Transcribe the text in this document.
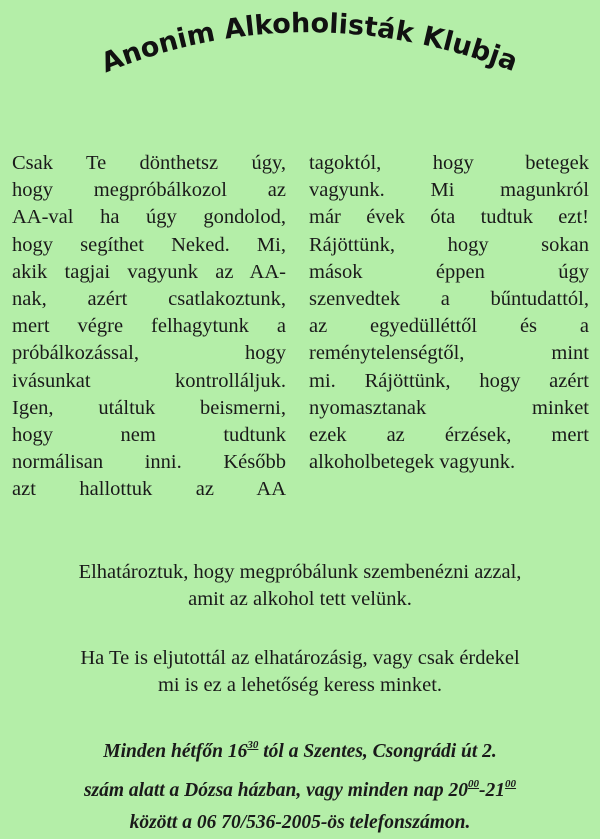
Anonim Alkoholisták Klubja
Csak Te dönthetsz úgy,
hogy megpróbálkozol az
AA-val ha úgy gondolod,
hogy segíthet Neked. Mi,
akik tagjai vagyunk az AA-
nak, azért csatlakoztunk,
mert végre felhagytunk a
próbálkozással, hogy
ivásunkat kontrolláljuk.
Igen, utáltuk beismerni,
hogy nem tudtunk
normálisan inni. Később
azt hallottuk az AA
tagoktól, hogy betegek
vagyunk. Mi magunkról
már évek óta tudtuk ezt!
Rájöttünk, hogy sokan
mások éppen úgy
szenvedtek a bűntudattól,
az egyedülléttől és a
reménytelenségtől, mint
mi. Rájöttünk, hogy azért
nyomasztanak minket
ezek az érzések, mert
alkoholbetegek vagyunk.
Elhatároztuk, hogy megpróbálunk szembenézni azzal,
amit az alkohol tett velünk.
Ha Te is eljutottál az elhatározásig, vagy csak érdekel
mi is ez a lehetőség keress minket.
Minden hétfőn $16^{30}$ tól a Szentes, Csongrádi út 2.
szám alatt a Dózsa házban, vagy minden nap $20^{00}-21^{00}$
között a 06 70/536-2005-ös telefonszámon.
